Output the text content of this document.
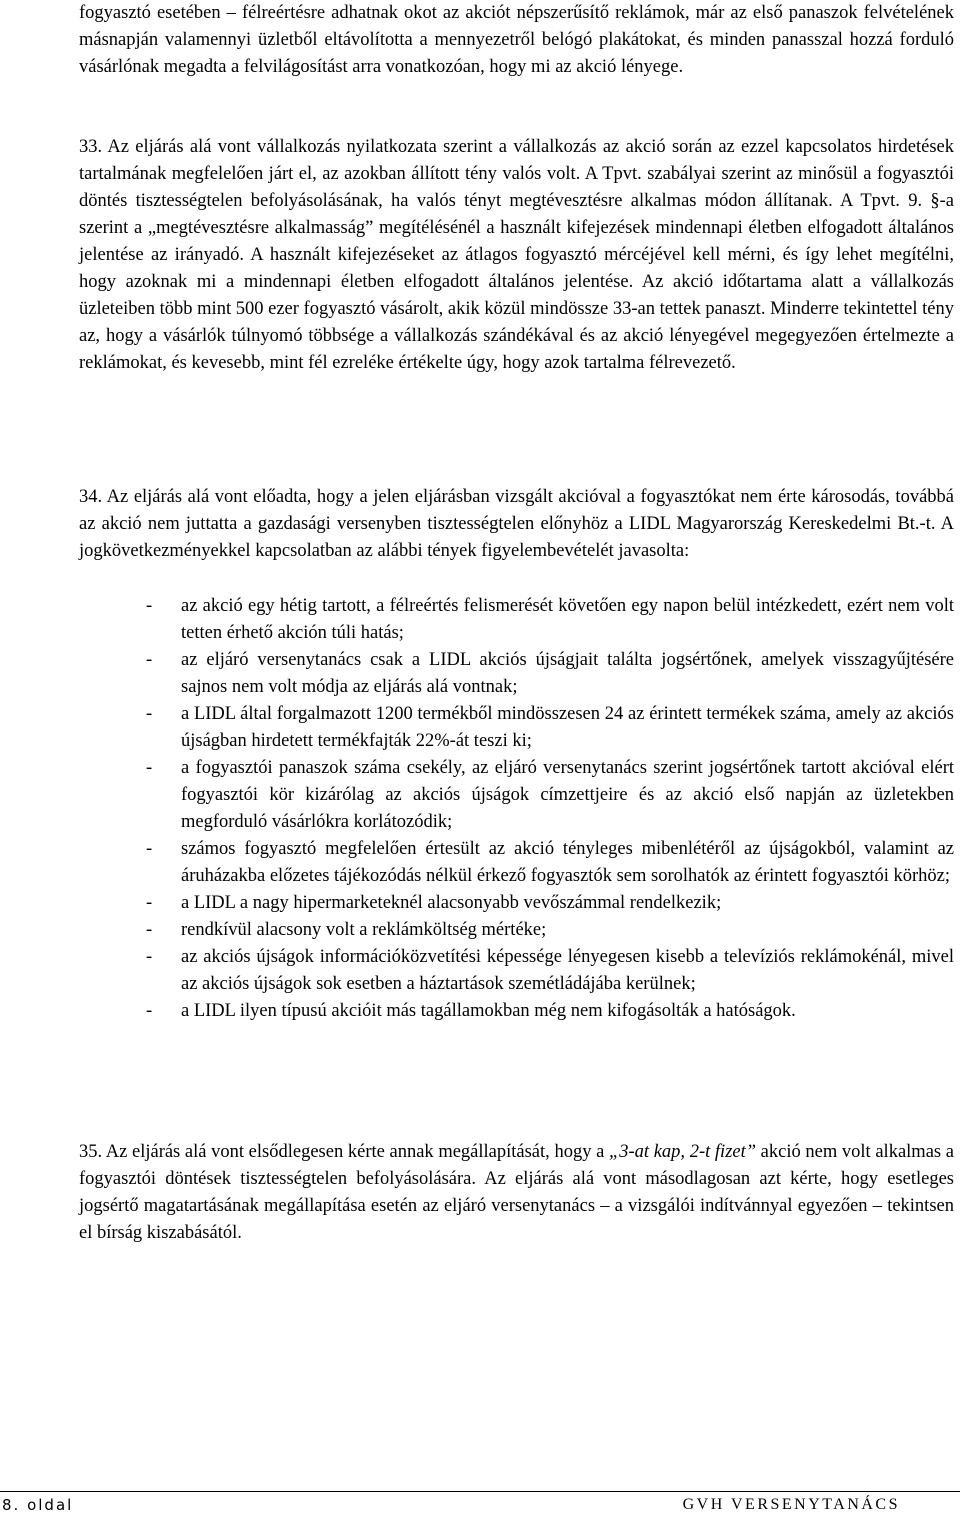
fogyasztó esetében – félreértésre adhatnak okot az akciót népszerűsítő reklámok, már az első panaszok felvételének másnapján valamennyi üzletből eltávolította a mennyezetről belógó plakátokat, és minden panasszal hozzá forduló vásárlónak megadta a felvilágosítást arra vonatkozóan, hogy mi az akció lényege.

33. Az eljárás alá vont vállalkozás nyilatkozata szerint a vállalkozás az akció során az ezzel kapcsolatos hirdetések tartalmának megfelelően járt el, az azokban állított tény valós volt. A Tpvt. szabályai szerint az minősül a fogyasztói döntés tisztességtelen befolyásolásának, ha valós tényt megtévesztésre alkalmas módon állítanak. A Tpvt. 9. §-a szerint a „megtévesztésre alkalmasság” megítélésénél a használt kifejezések mindennapi életben elfogadott általános jelentése az irányadó. A használt kifejezéseket az átlagos fogyasztó mércéjével kell mérni, és így lehet megítélni, hogy azoknak mi a mindennapi életben elfogadott általános jelentése. Az akció időtartama alatt a vállalkozás üzleteiben több mint 500 ezer fogyasztó vásárolt, akik közül mindössze 33-an tettek panaszt. Minderre tekintettel tény az, hogy a vásárlók túlnyomó többsége a vállalkozás szándékával és az akció lényegével megegyezően értelmezte a reklámokat, és kevesebb, mint fél ezreléke értékelte úgy, hogy azok tartalma félrevezető.

34. Az eljárás alá vont előadta, hogy a jelen eljárásban vizsgált akcióval a fogyasztókat nem érte károsodás, továbbá az akció nem juttatta a gazdasági versenyben tisztességtelen előnyhöz a LIDL Magyarország Kereskedelmi Bt.-t. A jogkövetkezményekkel kapcsolatban az alábbi tények figyelembevételét javasolta:

- az akció egy hétig tartott, a félreértés felismerését követően egy napon belül intézkedett, ezért nem volt tetten érhető akción túli hatás;
- az eljáró versenytanács csak a LIDL akciós újságjait találta jogsértőnek, amelyek visszagyűjtésére sajnos nem volt módja az eljárás alá vontnak;
- a LIDL által forgalmazott 1200 termékből mindösszesen 24 az érintett termékek száma, amely az akciós újságban hirdetett termékfajták 22%-át teszi ki;
- a fogyasztói panaszok száma csekély, az eljáró versenytanács szerint jogsértőnek tartott akcióval elért fogyasztói kör kizárólag az akciós újságok címzettjeire és az akció első napján az üzletekben megforduló vásárlókra korlátozódik;
- számos fogyasztó megfelelően értesült az akció tényleges mibenlétéről az újságokból, valamint az áruházakba előzetes tájékozódás nélkül érkező fogyasztók sem sorolhatók az érintett fogyasztói körhöz;
- a LIDL a nagy hipermarketeknél alacsonyabb vevőszámmal rendelkezik;
- rendkívül alacsony volt a reklámköltség mértéke;
- az akciós újságok információközvetítési képessége lényegesen kisebb a televíziós reklámokénál, mivel az akciós újságok sok esetben a háztartások szemétládájába kerülnek;
- a LIDL ilyen típusú akcióit más tagállamokban még nem kifogásolták a hatóságok.

35. Az eljárás alá vont elsődlegesen kérte annak megállapítását, hogy a „3-at kap, 2-t fizet” akció nem volt alkalmas a fogyasztói döntések tisztességtelen befolyásolására. Az eljárás alá vont másodlagosan azt kérte, hogy esetleges jogsértő magatartásának megállapítása esetén az eljáró versenytanács – a vizsgálói indítvánnyal egyezően – tekintsen el bírság kiszabásától.

8. oldal	GVH VERSENYTANÁCS
